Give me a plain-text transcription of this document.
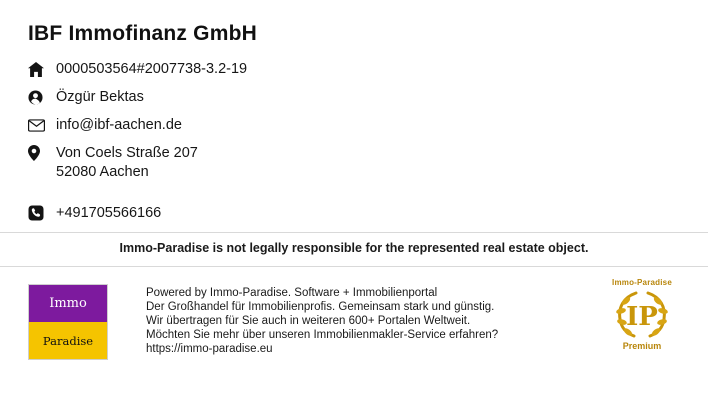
IBF Immofinanz GmbH
0000503564#2007738-3.2-19
Özgür Bektas
info@ibf-aachen.de
Von Coels Straße 207
52080 Aachen
+491705566166
Immo-Paradise is not legally responsible for the represented real estate object.
Immo
Paradise
Powered by Immo-Paradise. Software + Immobilienportal
Der Großhandel für Immobilienprofis. Gemeinsam stark und günstig.
Wir übertragen für Sie auch in weiteren 600+ Portalen Weltweit.
Möchten Sie mehr über unseren Immobilienmakler-Service erfahren?
https://immo-paradise.eu
Immo-Paradise
IP
Premium
